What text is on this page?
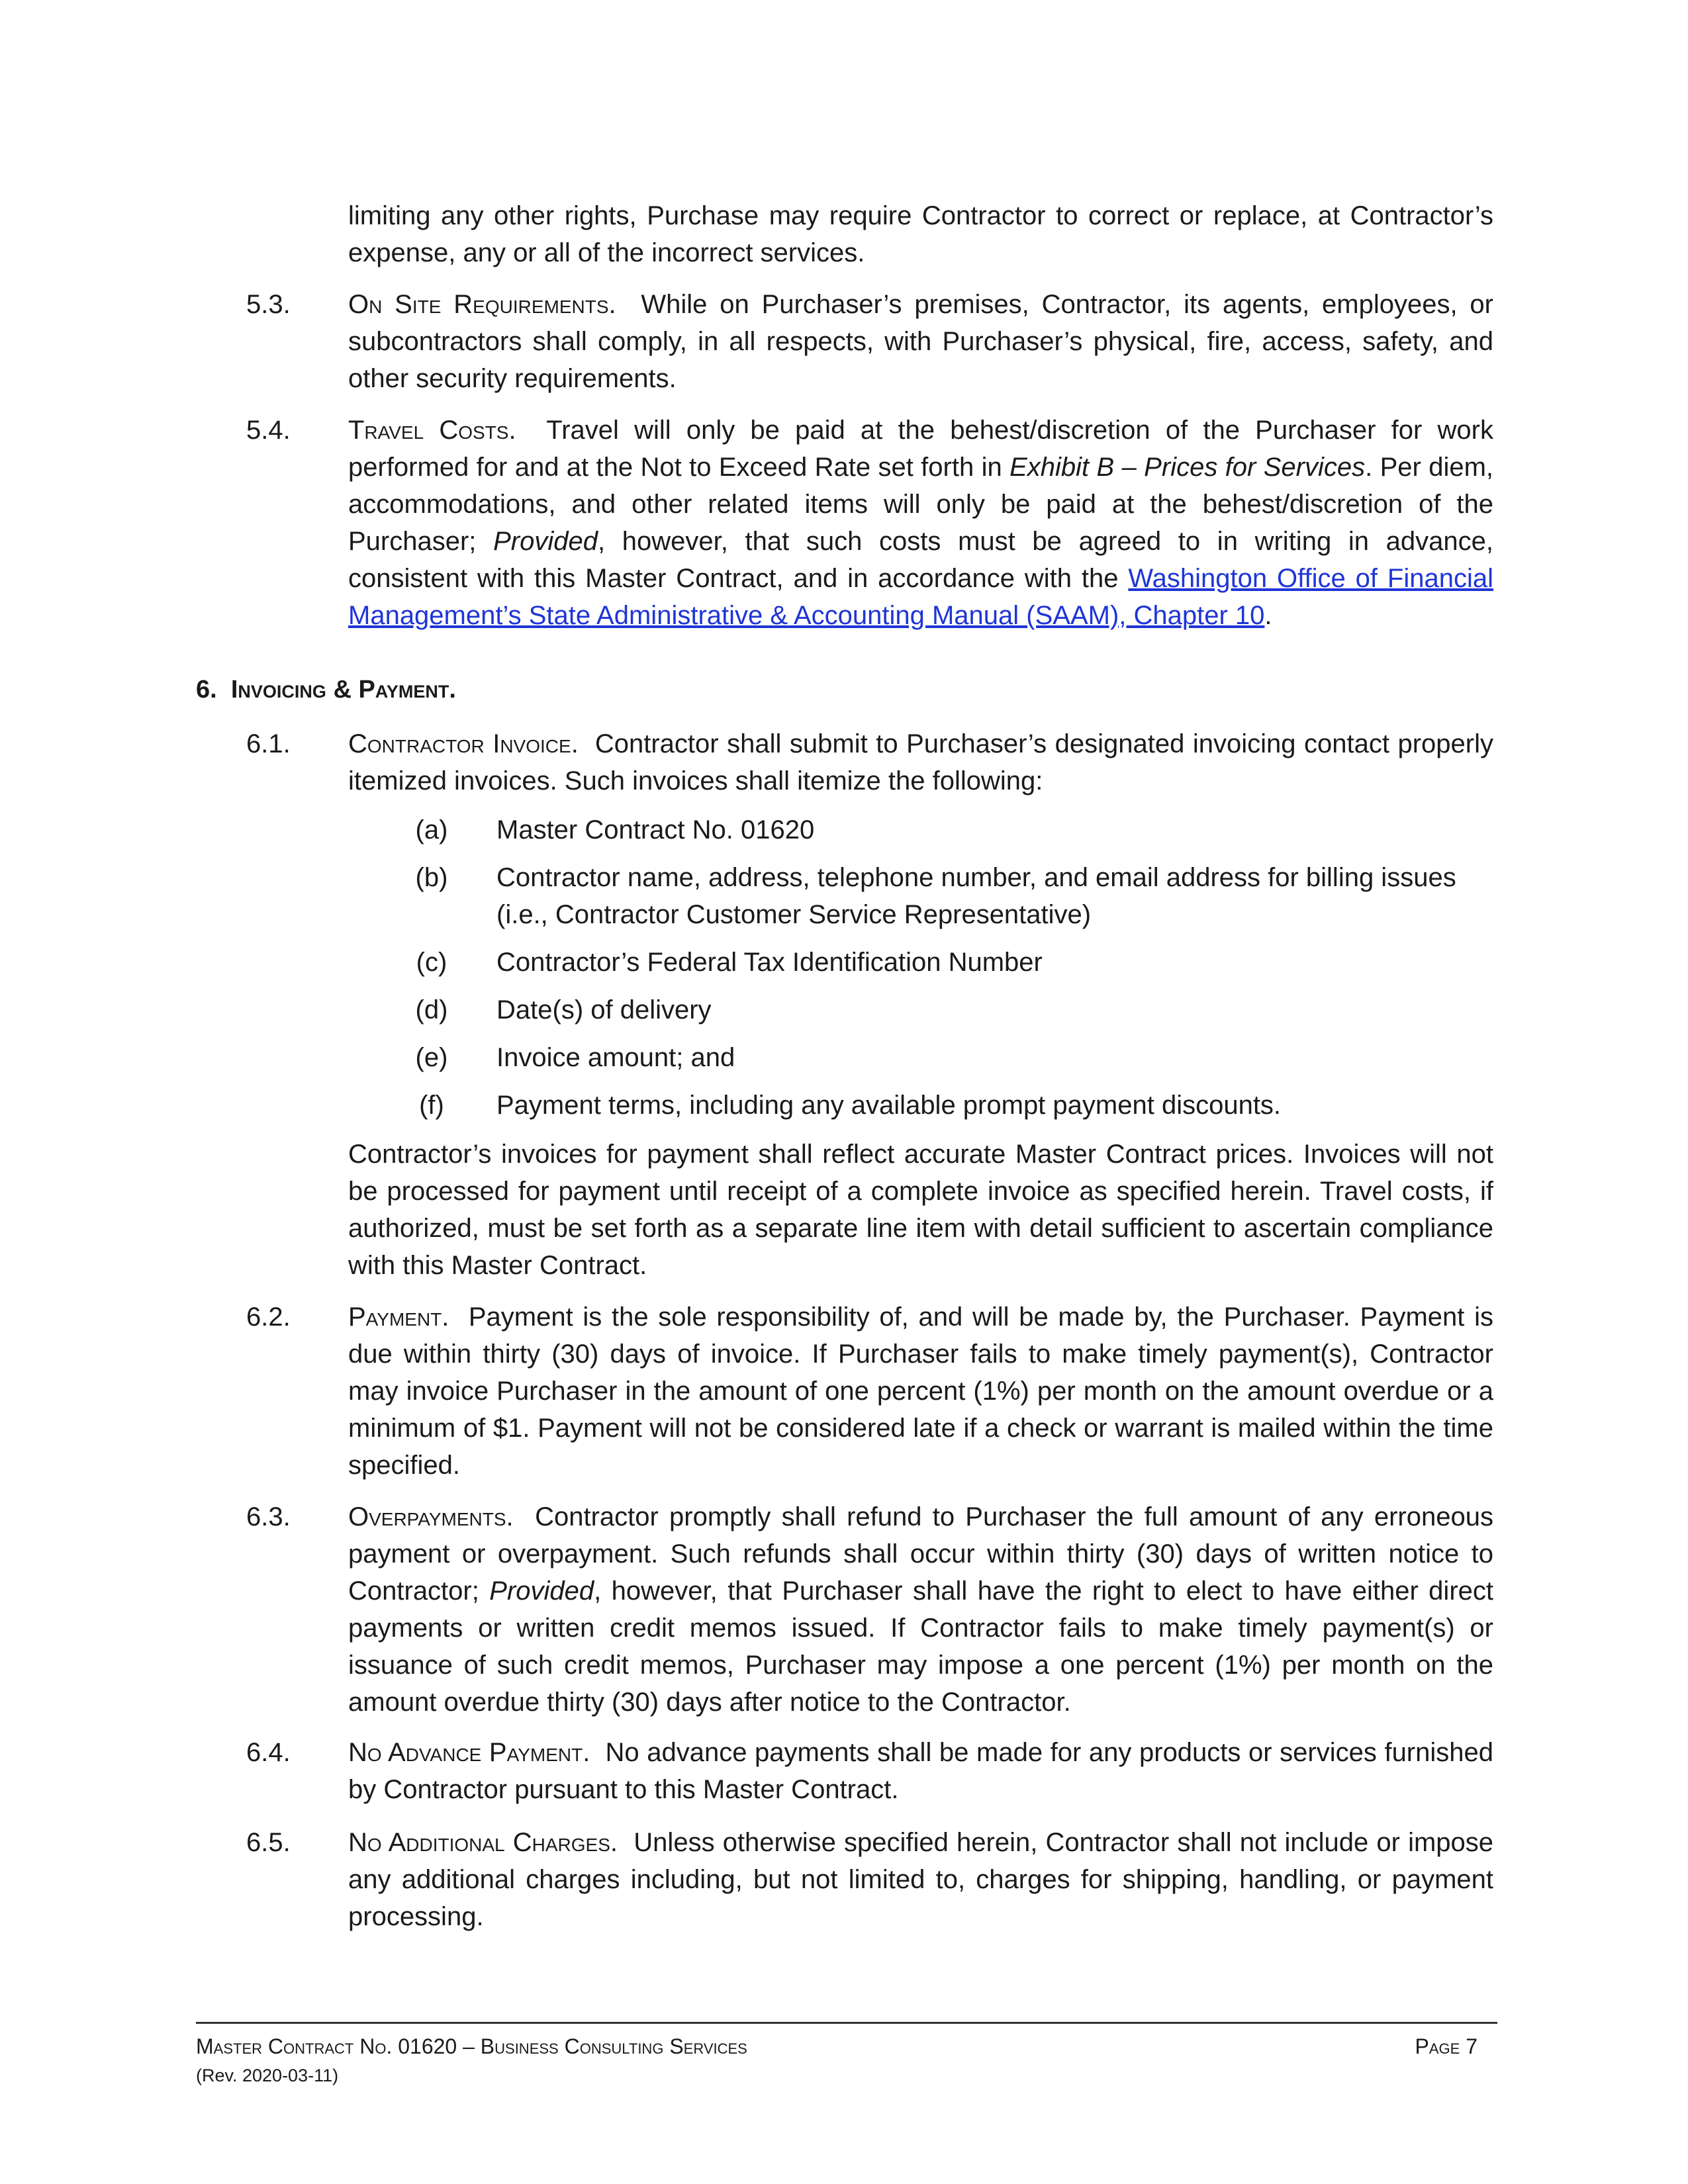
limiting any other rights, Purchase may require Contractor to correct or replace, at Contractor’s expense, any or all of the incorrect services.

5.3. On Site Requirements. While on Purchaser’s premises, Contractor, its agents, employees, or subcontractors shall comply, in all respects, with Purchaser’s physical, fire, access, safety, and other security requirements.

5.4. Travel Costs. Travel will only be paid at the behest/discretion of the Purchaser for work performed for and at the Not to Exceed Rate set forth in Exhibit B – Prices for Services. Per diem, accommodations, and other related items will only be paid at the behest/discretion of the Purchaser; Provided, however, that such costs must be agreed to in writing in advance, consistent with this Master Contract, and in accordance with the Washington Office of Financial Management’s State Administrative & Accounting Manual (SAAM), Chapter 10.

6. Invoicing & Payment.
6.1. Contractor Invoice. Contractor shall submit to Purchaser’s designated invoicing contact properly itemized invoices. Such invoices shall itemize the following:

(a) Master Contract No. 01620

(b) Contractor name, address, telephone number, and email address for billing issues (i.e., Contractor Customer Service Representative)

(c) Contractor’s Federal Tax Identification Number

(d) Date(s) of delivery

(e) Invoice amount; and

(f) Payment terms, including any available prompt payment discounts.

Contractor’s invoices for payment shall reflect accurate Master Contract prices. Invoices will not be processed for payment until receipt of a complete invoice as specified herein. Travel costs, if authorized, must be set forth as a separate line item with detail sufficient to ascertain compliance with this Master Contract.

6.2. Payment. Payment is the sole responsibility of, and will be made by, the Purchaser. Payment is due within thirty (30) days of invoice. If Purchaser fails to make timely payment(s), Contractor may invoice Purchaser in the amount of one percent (1%) per month on the amount overdue or a minimum of $1. Payment will not be considered late if a check or warrant is mailed within the time specified.

6.3. Overpayments. Contractor promptly shall refund to Purchaser the full amount of any erroneous payment or overpayment. Such refunds shall occur within thirty (30) days of written notice to Contractor; Provided, however, that Purchaser shall have the right to elect to have either direct payments or written credit memos issued. If Contractor fails to make timely payment(s) or issuance of such credit memos, Purchaser may impose a one percent (1%) per month on the amount overdue thirty (30) days after notice to the Contractor.

6.4. No Advance Payment. No advance payments shall be made for any products or services furnished by Contractor pursuant to this Master Contract.

6.5. No Additional Charges. Unless otherwise specified herein, Contractor shall not include or impose any additional charges including, but not limited to, charges for shipping, handling, or payment processing.

Master Contract No. 01620 – Business Consulting Services
(Rev. 2020-03-11)
Page 7
